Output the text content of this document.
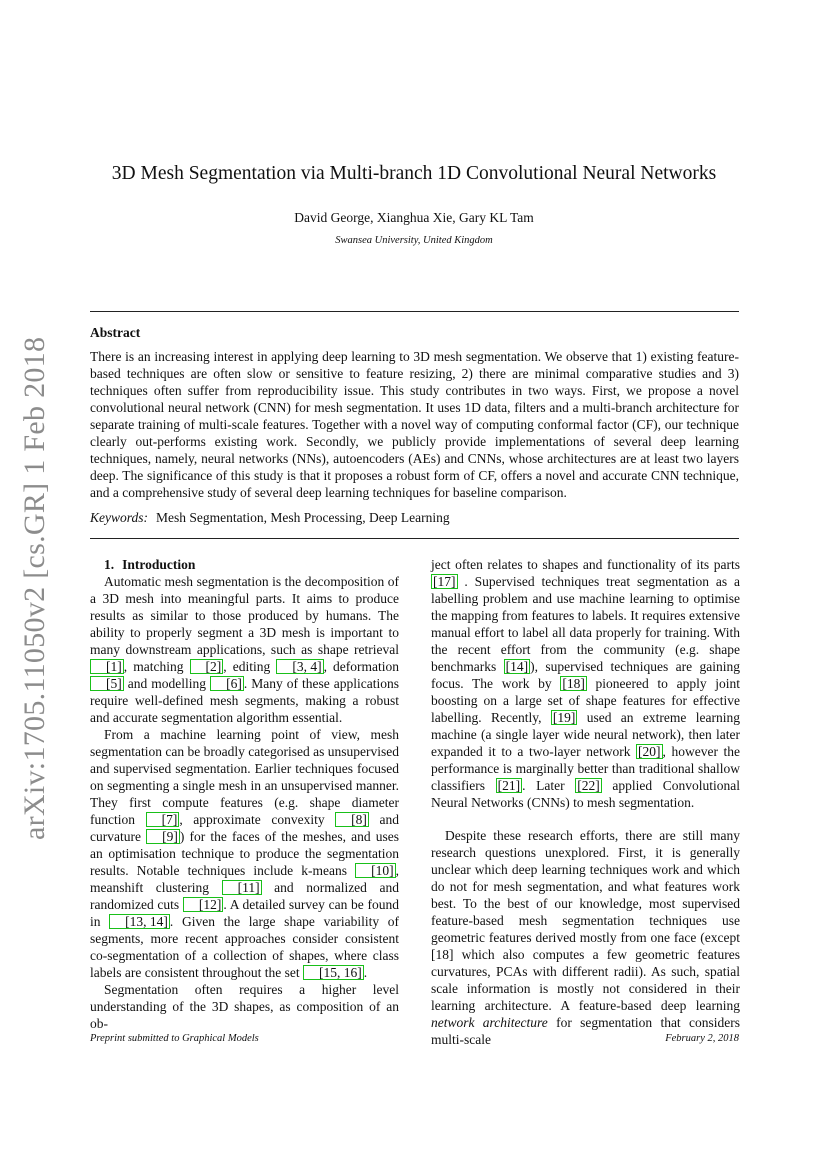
arXiv:1705.11050v2 [cs.GR] 1 Feb 2018
3D Mesh Segmentation via Multi-branch 1D Convolutional Neural Networks
David George, Xianghua Xie, Gary KL Tam
Swansea University, United Kingdom
Abstract
There is an increasing interest in applying deep learning to 3D mesh segmentation. We observe that 1) existing feature-based techniques are often slow or sensitive to feature resizing, 2) there are minimal comparative studies and 3) techniques often suffer from reproducibility issue. This study contributes in two ways. First, we propose a novel convolutional neural network (CNN) for mesh segmentation. It uses 1D data, filters and a multi-branch architecture for separate training of multi-scale features. Together with a novel way of computing conformal factor (CF), our technique clearly out-performs existing work. Secondly, we publicly provide implementations of several deep learning techniques, namely, neural networks (NNs), autoencoders (AEs) and CNNs, whose architectures are at least two layers deep. The significance of this study is that it proposes a robust form of CF, offers a novel and accurate CNN technique, and a comprehensive study of several deep learning techniques for baseline comparison.
Keywords: Mesh Segmentation, Mesh Processing, Deep Learning

1. Introduction

Automatic mesh segmentation is the decomposition of a 3D mesh into meaningful parts. It aims to produce results as similar to those produced by humans. The ability to properly segment a 3D mesh is important to many downstream applications, such as shape retrieval [1] , matching [2] , editing [3, 4] , deformation [5] and modelling [6] . Many of these applications require well-defined mesh segments, making a robust and accurate segmentation algorithm essential.

From a machine learning point of view, mesh segmentation can be broadly categorised as unsupervised and supervised segmentation. Earlier techniques focused on segmenting a single mesh in an unsupervised manner. They first compute features (e.g. shape diameter function [7] , approximate convexity [8] and curvature [9] ) for the faces of the meshes, and uses an optimisation technique to produce the segmentation results. Notable techniques include k-means [10] , meanshift clustering [11] and normalized and randomized cuts [12] . A detailed survey can be found in [13, 14] . Given the large shape variability of segments, more recent approaches consider consistent co-segmentation of a collection of shapes, where class labels are consistent throughout the set [15, 16] .

Segmentation often requires a higher level understanding of the 3D shapes, as composition of an ob-

ject often relates to shapes and functionality of its parts [17] . Supervised techniques treat segmentation as a labelling problem and use machine learning to optimise the mapping from features to labels. It requires extensive manual effort to label all data properly for training. With the recent effort from the community (e.g. shape benchmarks [14] ), supervised techniques are gaining focus. The work by [18] pioneered to apply joint boosting on a large set of shape features for effective labelling. Recently, [19] used an extreme learning machine (a single layer wide neural network), then later expanded it to a two-layer network [20] , however the performance is marginally better than traditional shallow classifiers [21] . Later [22] applied Convolutional Neural Networks (CNNs) to mesh segmentation.

Despite these research efforts, there are still many research questions unexplored. First, it is generally unclear which deep learning techniques work and which do not for mesh segmentation, and what features work best. To the best of our knowledge, most supervised feature-based mesh segmentation techniques use geometric features derived mostly from one face (except [18] which also computes a few geometric features curvatures, PCAs with different radii). As such, spatial scale information is mostly not considered in their learning architecture. A feature-based deep learning network architecture for segmentation that considers multi-scale

Preprint submitted to Graphical Models	February 2, 2018
